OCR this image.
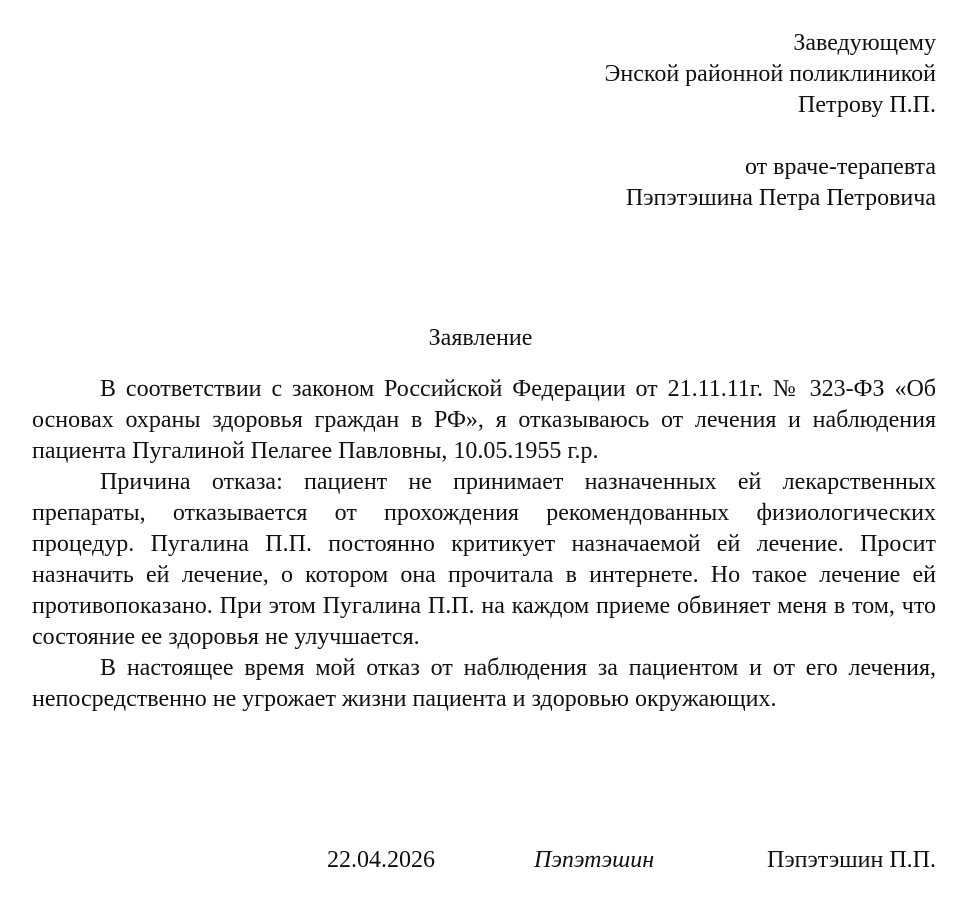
Заведующему
Энской районной поликлиникой
Петрову П.П.
от враче-терапевта
Пэпэтэшина Петра Петровича
Заявление

В соответствии с законом Российской Федерации от 21.11.11г. № 323-ФЗ «Об основах охраны здоровья граждан в РФ», я отказываюсь от лечения и наблюдения пациента Пугалиной Пелагее Павловны, 10.05.1955 г.р.

Причина отказа: пациент не принимает назначенных ей лекарственных препараты, отказывается от прохождения рекомендованных физиологических процедур. Пугалина П.П. постоянно критикует назначаемой ей лечение. Просит назначить ей лечение, о котором она прочитала в интернете. Но такое лечение ей противопоказано. При этом Пугалина П.П. на каждом приеме обвиняет меня в том, что состояние ее здоровья не улучшается.

В настоящее время мой отказ от наблюдения за пациентом и от его лечения, непосредственно не угрожает жизни пациента и здоровью окружающих.

22.04.2026	Пэпэтэшин	Пэпэтэшин П.П.
